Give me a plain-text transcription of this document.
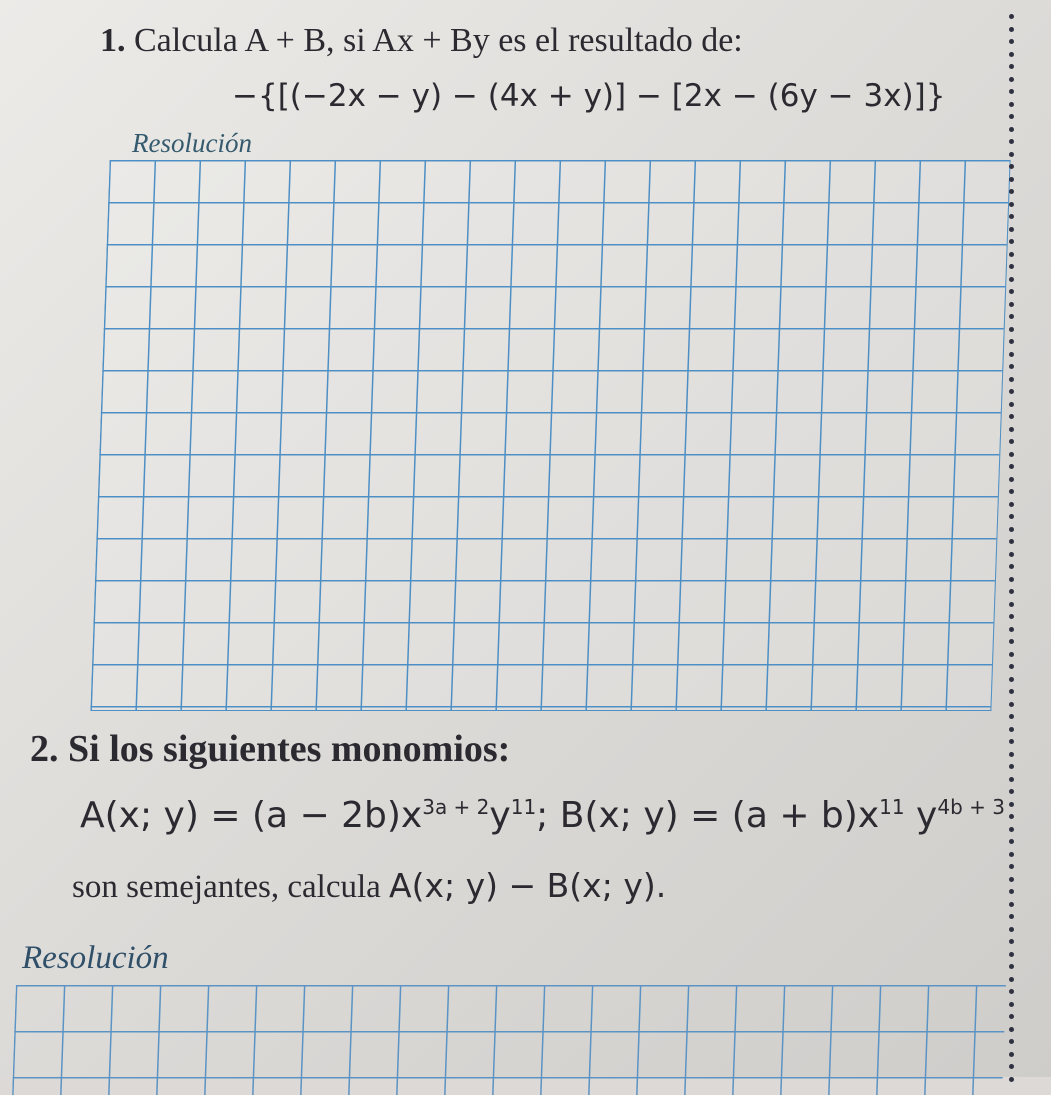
1. Calcula A + B, si Ax + By es el resultado de:
−{[(−2x − y) − (4x + y)] − [2x − (6y − 3x)]}
Resolución
2. Si los siguientes monomios:
A(x; $y) = (a - 2b)x^{3a + 2}y^{11}$; B(x; $y) = (a + b)x^{11}$ $y^{4b + 3}$
son semejantes, calcula A(x; y) − B(x; y).
Resolución
